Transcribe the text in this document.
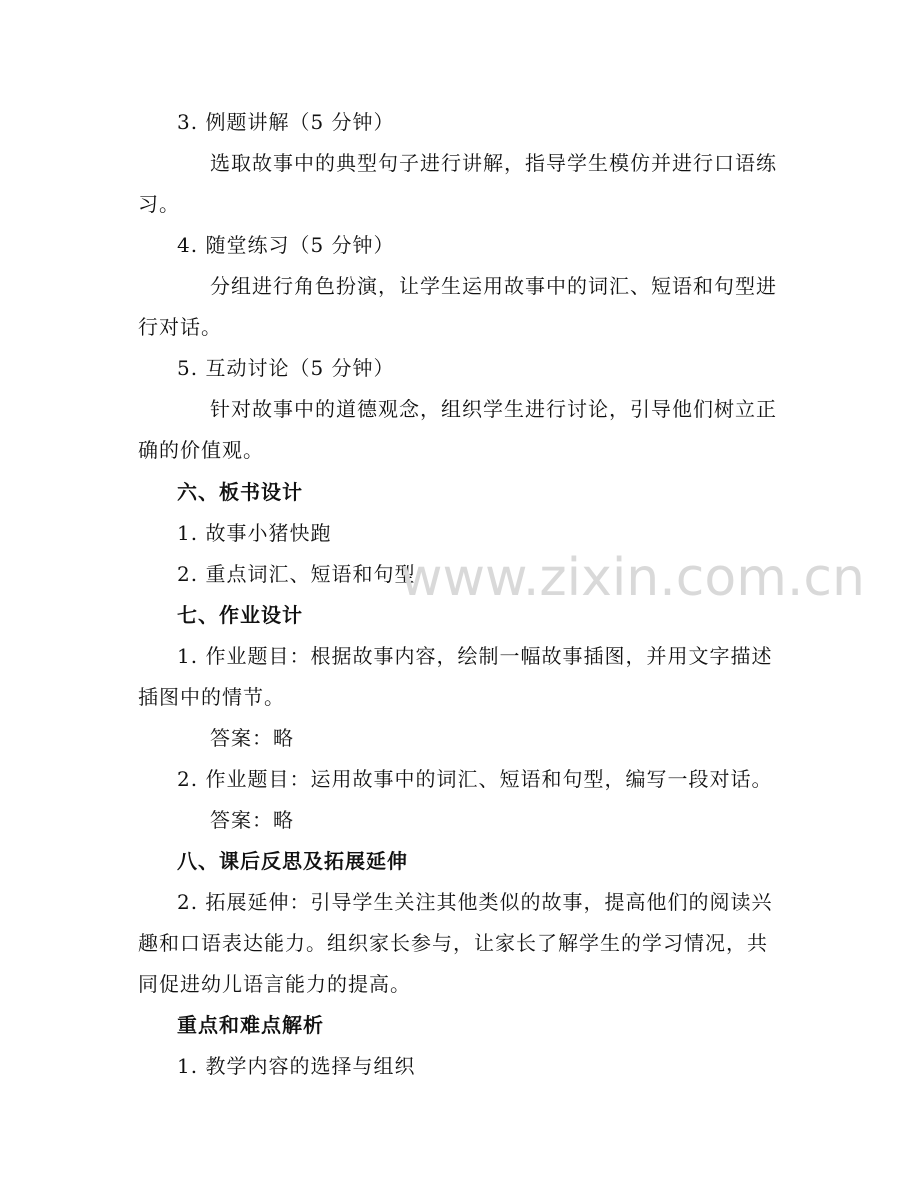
3. 例题讲解（5 分钟）
选取故事中的典型句子进行讲解，指导学生模仿并进行口语练
习。
4. 随堂练习（5 分钟）
分组进行角色扮演，让学生运用故事中的词汇、短语和句型进
行对话。
5. 互动讨论（5 分钟）
针对故事中的道德观念，组织学生进行讨论，引导他们树立正
确的价值观。
六、板书设计
1. 故事小猪快跑
2. 重点词汇、短语和句型
七、作业设计
1. 作业题目：根据故事内容，绘制一幅故事插图，并用文字描述
插图中的情节。
答案：略
2. 作业题目：运用故事中的词汇、短语和句型，编写一段对话。
答案：略
八、课后反思及拓展延伸
2. 拓展延伸：引导学生关注其他类似的故事，提高他们的阅读兴
趣和口语表达能力。组织家长参与，让家长了解学生的学习情况，共
同促进幼儿语言能力的提高。
重点和难点解析
1. 教学内容的选择与组织
www.zixin.com.cn
